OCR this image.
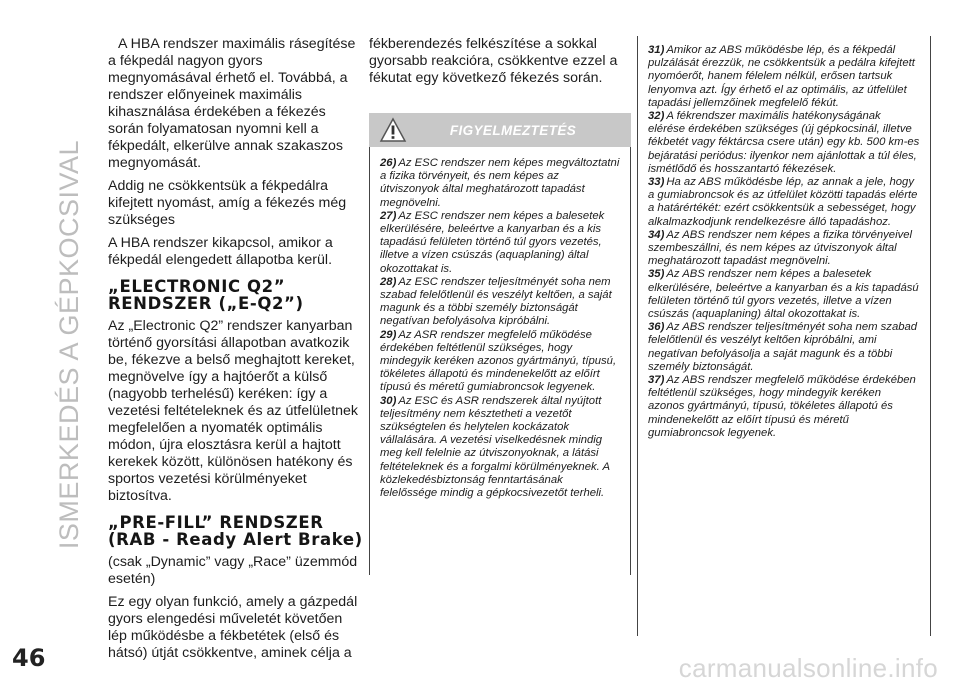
ISMERKEDÉS A GÉPKOCSIVAL

A HBA rendszer maximális rásegítése a fékpedál nagyon gyors megnyomásával érhető el. Továbbá, a rendszer előnyeinek maximális kihasználása érdekében a fékezés során folyamatosan nyomni kell a fékpedált, elkerülve annak szakaszos megnyomását.

Addig ne csökkentsük a fékpedálra kifejtett nyomást, amíg a fékezés még szükséges

A HBA rendszer kikapcsol, amikor a fékpedál elengedett állapotba kerül.

„ELECTRONIC Q2” RENDSZER („E-Q2”)

Az „Electronic Q2” rendszer kanyarban történő gyorsítási állapotban avatkozik be, fékezve a belső meghajtott kereket, megnövelve így a hajtóerőt a külső (nagyobb terhelésű) keréken: így a vezetési feltételeknek és az útfelületnek megfelelően a nyomaték optimális módon, újra elosztásra kerül a hajtott kerekek között, különösen hatékony és sportos vezetési körülményeket biztosítva.

„PRE-FILL” RENDSZER (RAB - Ready Alert Brake)

(csak „Dynamic” vagy „Race” üzemmód esetén)

Ez egy olyan funkció, amely a gázpedál gyors elengedési műveletét követően lép működésbe a fékbetétek (első és hátsó) útját csökkentve, aminek célja a

fékberendezés felkészítése a sokkal gyorsabb reakcióra, csökkentve ezzel a fékutat egy következő fékezés során.

FIGYELMEZTETÉS

26) Az ESC rendszer nem képes megváltoztatni a fizika törvényeit, és nem képes az útviszonyok által meghatározott tapadást megnövelni.

27) Az ESC rendszer nem képes a balesetek elkerülésére, beleértve a kanyarban és a kis tapadású felületen történő túl gyors vezetés, illetve a vízen csúszás (aquaplaning) által okozottakat is.

28) Az ESC rendszer teljesítményét soha nem szabad felelőtlenül és veszélyt keltően, a saját magunk és a többi személy biztonságát negatívan befolyásolva kipróbálni.

29) Az ASR rendszer megfelelő működése érdekében feltétlenül szükséges, hogy mindegyik keréken azonos gyártmányú, típusú, tökéletes állapotú és mindenekelőtt az előírt típusú és méretű gumiabroncsok legyenek.

30) Az ESC és ASR rendszerek által nyújtott teljesítmény nem késztetheti a vezetőt szükségtelen és helytelen kockázatok vállalására. A vezetési viselkedésnek mindig meg kell felelnie az útviszonyoknak, a látási feltételeknek és a forgalmi körülményeknek. A közlekedésbiztonság fenntartásának felelőssége mindig a gépkocsivezetőt terheli.

31) Amikor az ABS működésbe lép, és a fékpedál pulzálását érezzük, ne csökkentsük a pedálra kifejtett nyomóerőt, hanem félelem nélkül, erősen tartsuk lenyomva azt. Így érhető el az optimális, az útfelület tapadási jellemzőinek megfelelő fékút.

32) A fékrendszer maximális hatékonyságának elérése érdekében szükséges (új gépkocsinál, illetve fékbetét vagy féktárcsa csere után) egy kb. 500 km-es bejáratási periódus: ilyenkor nem ajánlottak a túl éles, ismétlődő és hosszantartó fékezések.

33) Ha az ABS működésbe lép, az annak a jele, hogy a gumiabroncsok és az útfelület közötti tapadás elérte a határértékét: ezért csökkentsük a sebességet, hogy alkalmazkodjunk rendelkezésre álló tapadáshoz.

34) Az ABS rendszer nem képes a fizika törvényeivel szembeszállni, és nem képes az útviszonyok által meghatározott tapadást megnövelni.

35) Az ABS rendszer nem képes a balesetek elkerülésére, beleértve a kanyarban és a kis tapadású felületen történő túl gyors vezetés, illetve a vízen csúszás (aquaplaning) által okozottakat is.

36) Az ABS rendszer teljesítményét soha nem szabad felelőtlenül és veszélyt keltően kipróbálni, ami negatívan befolyásolja a saját magunk és a többi személy biztonságát.

37) Az ABS rendszer megfelelő működése érdekében feltétlenül szükséges, hogy mindegyik keréken azonos gyártmányú, típusú, tökéletes állapotú és mindenekelőtt az előírt típusú és méretű gumiabroncsok legyenek.

46	carmanualsonline.info
